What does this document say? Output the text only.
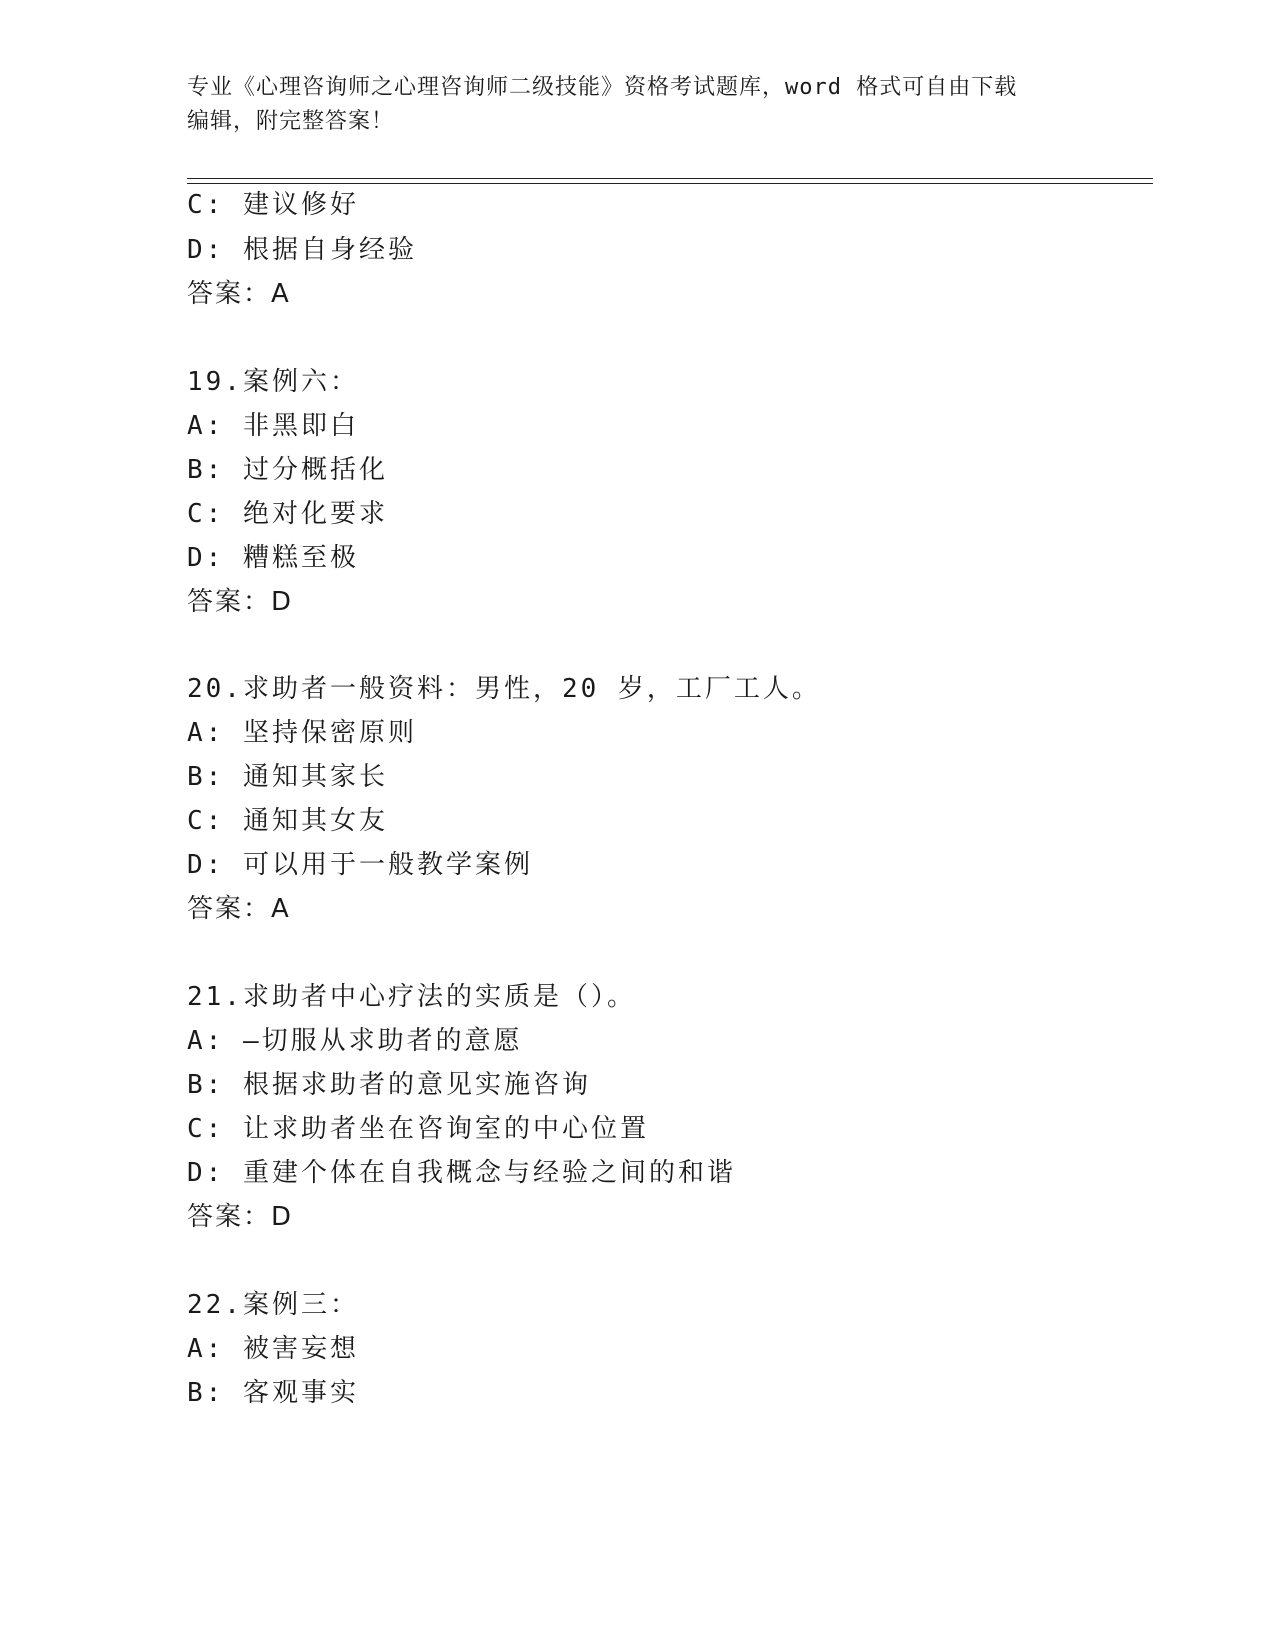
专业《心理咨询师之心理咨询师二级技能》资格考试题库，word 格式可自由下载
编辑，附完整答案！
C: 建议修好
D: 根据自身经验
答案：A
19.案例六：
A: 非黑即白
B: 过分概括化
C: 绝对化要求
D: 糟糕至极
答案：D
20.求助者一般资料：男性，20 岁，工厂工人。
A: 坚持保密原则
B: 通知其家长
C: 通知其女友
D: 可以用于一般教学案例
答案：A
21.求助者中心疗法的实质是（）。
A: —切服从求助者的意愿
B: 根据求助者的意见实施咨询
C: 让求助者坐在咨询室的中心位置
D: 重建个体在自我概念与经验之间的和谐
答案：D
22.案例三：
A: 被害妄想
B: 客观事实
